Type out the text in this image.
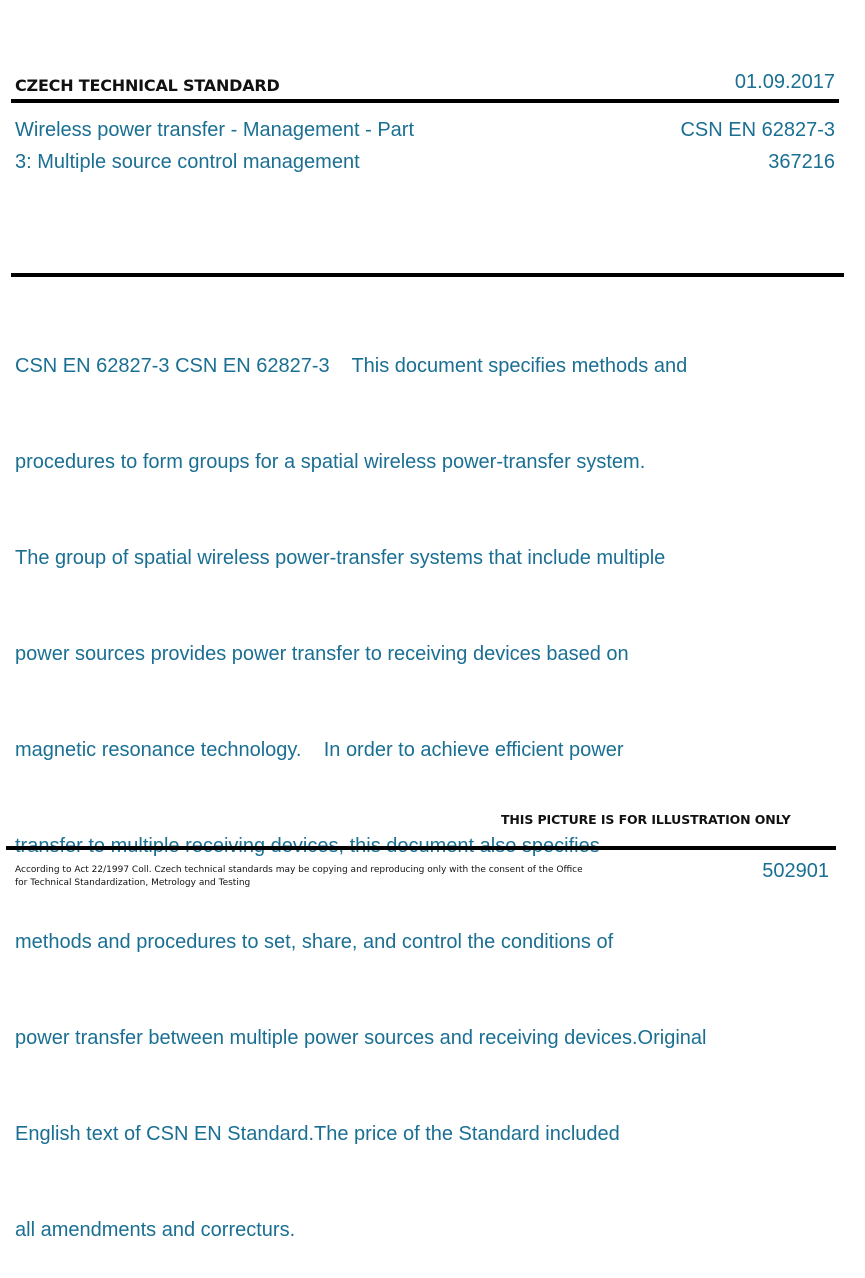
CZECH TECHNICAL STANDARD	01.09.2017
Wireless power transfer - Management - Part
3: Multiple source control management
CSN EN 62827-3
367216

CSN EN 62827-3 CSN EN 62827-3    This document specifies methods and

procedures to form groups for a spatial wireless power-transfer system.

The group of spatial wireless power-transfer systems that include multiple

power sources provides power transfer to receiving devices based on

magnetic resonance technology.    In order to achieve efficient power

methods and procedures to set, share, and control the conditions of

power transfer between multiple power sources and receiving devices.Original

English text of CSN EN Standard.The price of the Standard included

all amendments and correcturs.

THIS PICTURE IS FOR ILLUSTRATION ONLY
According to Act 22/1997 Coll. Czech technical standards may be copying and reproducing only with the consent of the Office
for Technical Standardization, Metrology and Testing
502901
